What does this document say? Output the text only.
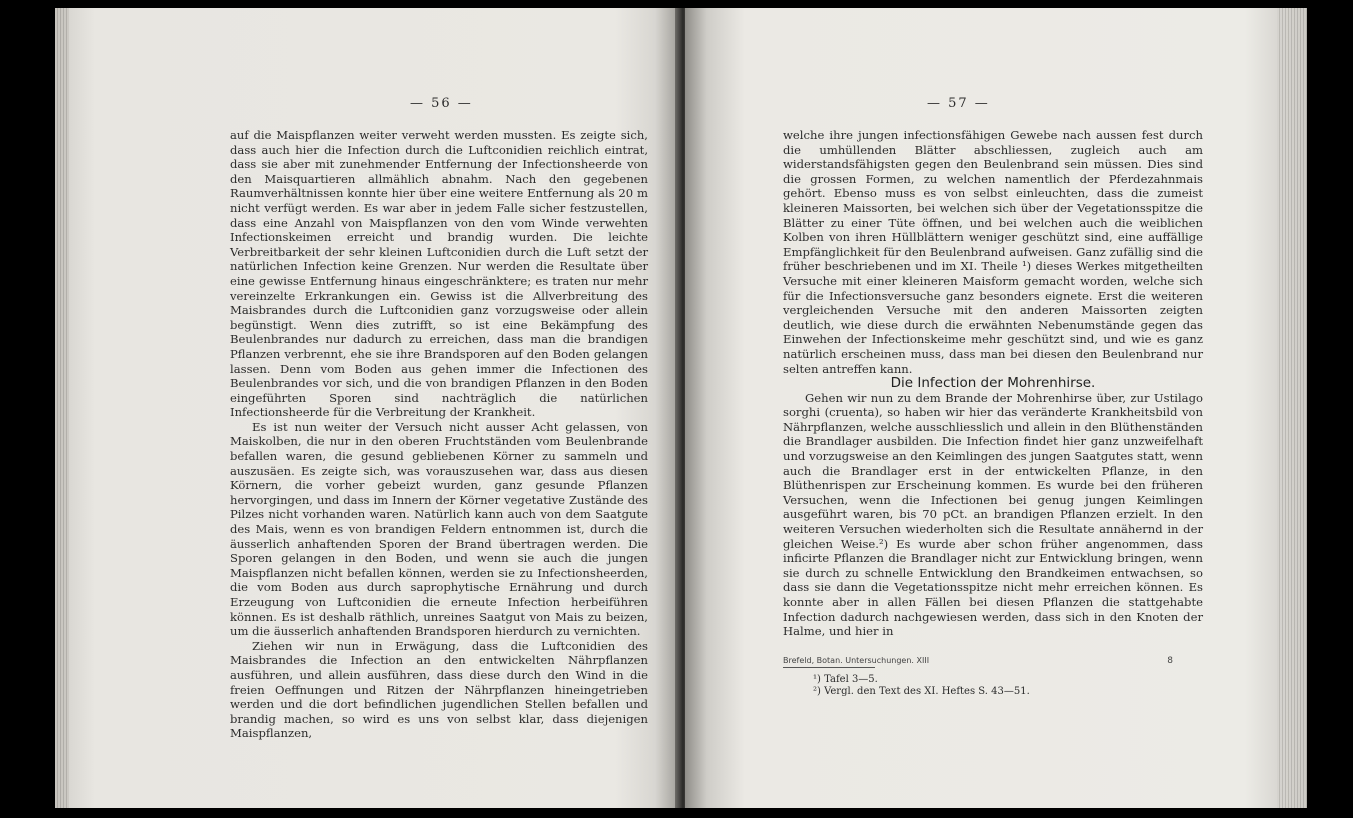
— 56 —

auf die Maispflanzen weiter verweht werden mussten. Es zeigte sich, dass auch hier die Infection durch die Luftconidien reichlich eintrat, dass sie aber mit zunehmender Entfernung der Infectionsheerde von den Maisquartieren allmählich abnahm. Nach den gegebenen Raumverhältnissen konnte hier über eine weitere Entfernung als 20 m nicht verfügt werden. Es war aber in jedem Falle sicher festzustellen, dass eine Anzahl von Maispflanzen von den vom Winde verwehten Infectionskeimen erreicht und brandig wurden. Die leichte Verbreitbarkeit der sehr kleinen Luftconidien durch die Luft setzt der natürlichen Infection keine Grenzen. Nur werden die Resultate über eine gewisse Entfernung hinaus eingeschränktere; es traten nur mehr vereinzelte Erkrankungen ein. Gewiss ist die Allverbreitung des Maisbrandes durch die Luftconidien ganz vorzugsweise oder allein begünstigt. Wenn dies zutrifft, so ist eine Bekämpfung des Beulenbrandes nur dadurch zu erreichen, dass man die brandigen Pflanzen verbrennt, ehe sie ihre Brandsporen auf den Boden gelangen lassen. Denn vom Boden aus gehen immer die Infectionen des Beulenbrandes vor sich, und die von brandigen Pflanzen in den Boden eingeführten Sporen sind nachträglich die natürlichen Infectionsheerde für die Verbreitung der Krankheit.

Es ist nun weiter der Versuch nicht ausser Acht gelassen, von Maiskolben, die nur in den oberen Fruchtständen vom Beulenbrande befallen waren, die gesund gebliebenen Körner zu sammeln und auszusäen. Es zeigte sich, was vorauszusehen war, dass aus diesen Körnern, die vorher gebeizt wurden, ganz gesunde Pflanzen hervorgingen, und dass im Innern der Körner vegetative Zustände des Pilzes nicht vorhanden waren. Natürlich kann auch von dem Saatgute des Mais, wenn es von brandigen Feldern entnommen ist, durch die äusserlich anhaftenden Sporen der Brand übertragen werden. Die Sporen gelangen in den Boden, und wenn sie auch die jungen Maispflanzen nicht befallen können, werden sie zu Infectionsheerden, die vom Boden aus durch saprophytische Ernährung und durch Erzeugung von Luftconidien die erneute Infection herbeiführen können. Es ist deshalb räthlich, unreines Saatgut von Mais zu beizen, um die äusserlich anhaftenden Brandsporen hierdurch zu vernichten.

Ziehen wir nun in Erwägung, dass die Luftconidien des Maisbrandes die Infection an den entwickelten Nährpflanzen ausführen, und allein ausführen, dass diese durch den Wind in die freien Oeffnungen und Ritzen der Nährpflanzen hineingetrieben werden und die dort befindlichen jugendlichen Stellen befallen und brandig machen, so wird es uns von selbst klar, dass diejenigen Maispflanzen,

— 57 —

welche ihre jungen infectionsfähigen Gewebe nach aussen fest durch die umhüllenden Blätter abschliessen, zugleich auch am widerstandsfähigsten gegen den Beulenbrand sein müssen. Dies sind die grossen Formen, zu welchen namentlich der Pferdezahnmais gehört. Ebenso muss es von selbst einleuchten, dass die zumeist kleineren Maissorten, bei welchen sich über der Vegetationsspitze die Blätter zu einer Tüte öffnen, und bei welchen auch die weiblichen Kolben von ihren Hüllblättern weniger geschützt sind, eine auffällige Empfänglichkeit für den Beulenbrand aufweisen. Ganz zufällig sind die früher beschriebenen und im XI. Theile ¹) dieses Werkes mitgetheilten Versuche mit einer kleineren Maisform gemacht worden, welche sich für die Infectionsversuche ganz besonders eignete. Erst die weiteren vergleichenden Versuche mit den anderen Maissorten zeigten deutlich, wie diese durch die erwähnten Nebenumstände gegen das Einwehen der Infectionskeime mehr geschützt sind, und wie es ganz natürlich erscheinen muss, dass man bei diesen den Beulenbrand nur selten antreffen kann.

Die Infection der Mohrenhirse.

Gehen wir nun zu dem Brande der Mohrenhirse über, zur Ustilago sorghi (cruenta), so haben wir hier das veränderte Krankheitsbild von Nährpflanzen, welche ausschliesslich und allein in den Blüthenständen die Brandlager ausbilden. Die Infection findet hier ganz unzweifelhaft und vorzugsweise an den Keimlingen des jungen Saatgutes statt, wenn auch die Brandlager erst in der entwickelten Pflanze, in den Blüthenrispen zur Erscheinung kommen. Es wurde bei den früheren Versuchen, wenn die Infectionen bei genug jungen Keimlingen ausgeführt waren, bis 70 pCt. an brandigen Pflanzen erzielt. In den weiteren Versuchen wiederholten sich die Resultate annähernd in der gleichen Weise.²) Es wurde aber schon früher angenommen, dass inficirte Pflanzen die Brandlager nicht zur Entwicklung bringen, wenn sie durch zu schnelle Entwicklung den Brandkeimen entwachsen, so dass sie dann die Vegetationsspitze nicht mehr erreichen können. Es konnte aber in allen Fällen bei diesen Pflanzen die stattgehabte Infection dadurch nachgewiesen werden, dass sich in den Knoten der Halme, und hier in

¹) Tafel 3—5.

²) Vergl. den Text des XI. Heftes S. 43—51.

Brefeld, Botan. Untersuchungen. XIII	8
